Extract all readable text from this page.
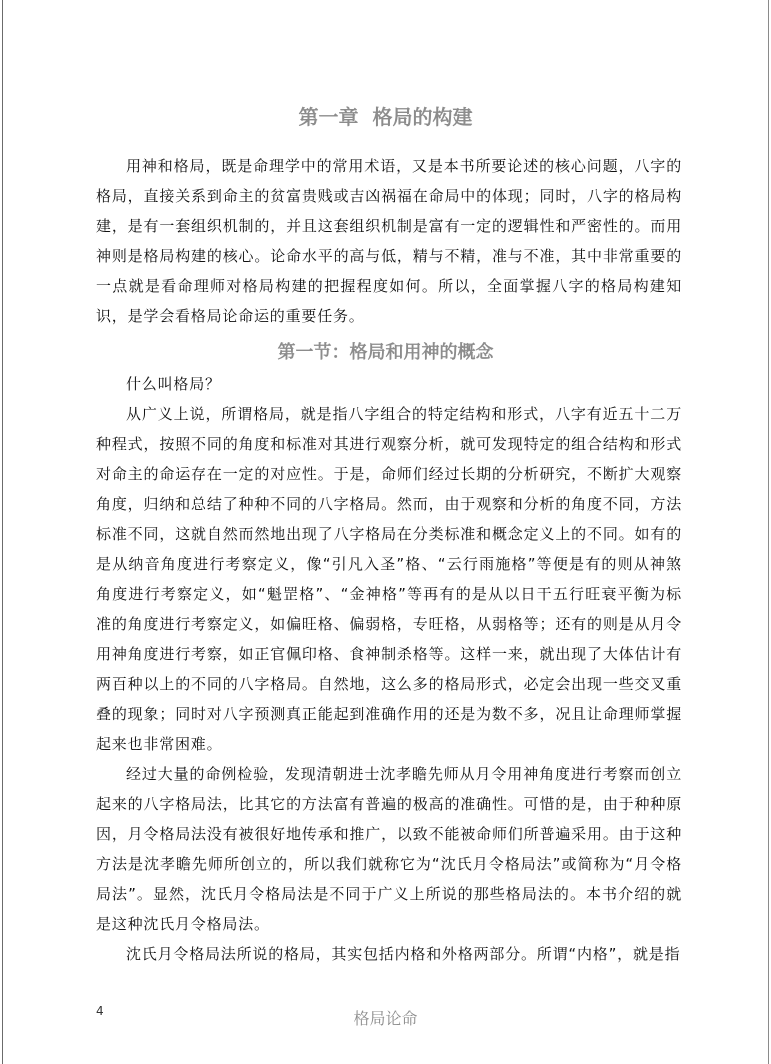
第一章  格局的构建
用神和格局，既是命理学中的常用术语，又是本书所要论述的核心问题，八字的格局，直接关系到命主的贫富贵贱或吉凶祸福在命局中的体现；同时，八字的格局构建，是有一套组织机制的，并且这套组织机制是富有一定的逻辑性和严密性的。而用神则是格局构建的核心。论命水平的高与低，精与不精，准与不准，其中非常重要的一点就是看命理师对格局构建的把握程度如何。所以，全面掌握八字的格局构建知识，是学会看格局论命运的重要任务。
第一节：格局和用神的概念
什么叫格局？
从广义上说，所谓格局，就是指八字组合的特定结构和形式，八字有近五十二万种程式，按照不同的角度和标准对其进行观察分析，就可发现特定的组合结构和形式对命主的命运存在一定的对应性。于是，命师们经过长期的分析研究，不断扩大观察角度，归纳和总结了种种不同的八字格局。然而，由于观察和分析的角度不同，方法标准不同，这就自然而然地出现了八字格局在分类标准和概念定义上的不同。如有的是从纳音角度进行考察定义，像“引凡入圣”格、“云行雨施格”等便是有的则从神煞角度进行考察定义，如“魁罡格”、“金神格”等再有的是从以日干五行旺衰平衡为标准的角度进行考察定义，如偏旺格、偏弱格，专旺格，从弱格等；还有的则是从月令用神角度进行考察，如正官佩印格、食神制杀格等。这样一来，就出现了大体估计有两百种以上的不同的八字格局。自然地，这么多的格局形式，必定会出现一些交叉重叠的现象；同时对八字预测真正能起到准确作用的还是为数不多，况且让命理师掌握起来也非常困难。
经过大量的命例检验，发现清朝进士沈孝瞻先师从月令用神角度进行考察而创立起来的八字格局法，比其它的方法富有普遍的极高的准确性。可惜的是，由于种种原因，月令格局法没有被很好地传承和推广，以致不能被命师们所普遍采用。由于这种方法是沈孝瞻先师所创立的，所以我们就称它为“沈氏月令格局法”或简称为“月令格局法”。显然，沈氏月令格局法是不同于广义上所说的那些格局法的。本书介绍的就是这种沈氏月令格局法。
沈氏月令格局法所说的格局，其实包括内格和外格两部分。所谓“内格”，就是指
4	格局论命
